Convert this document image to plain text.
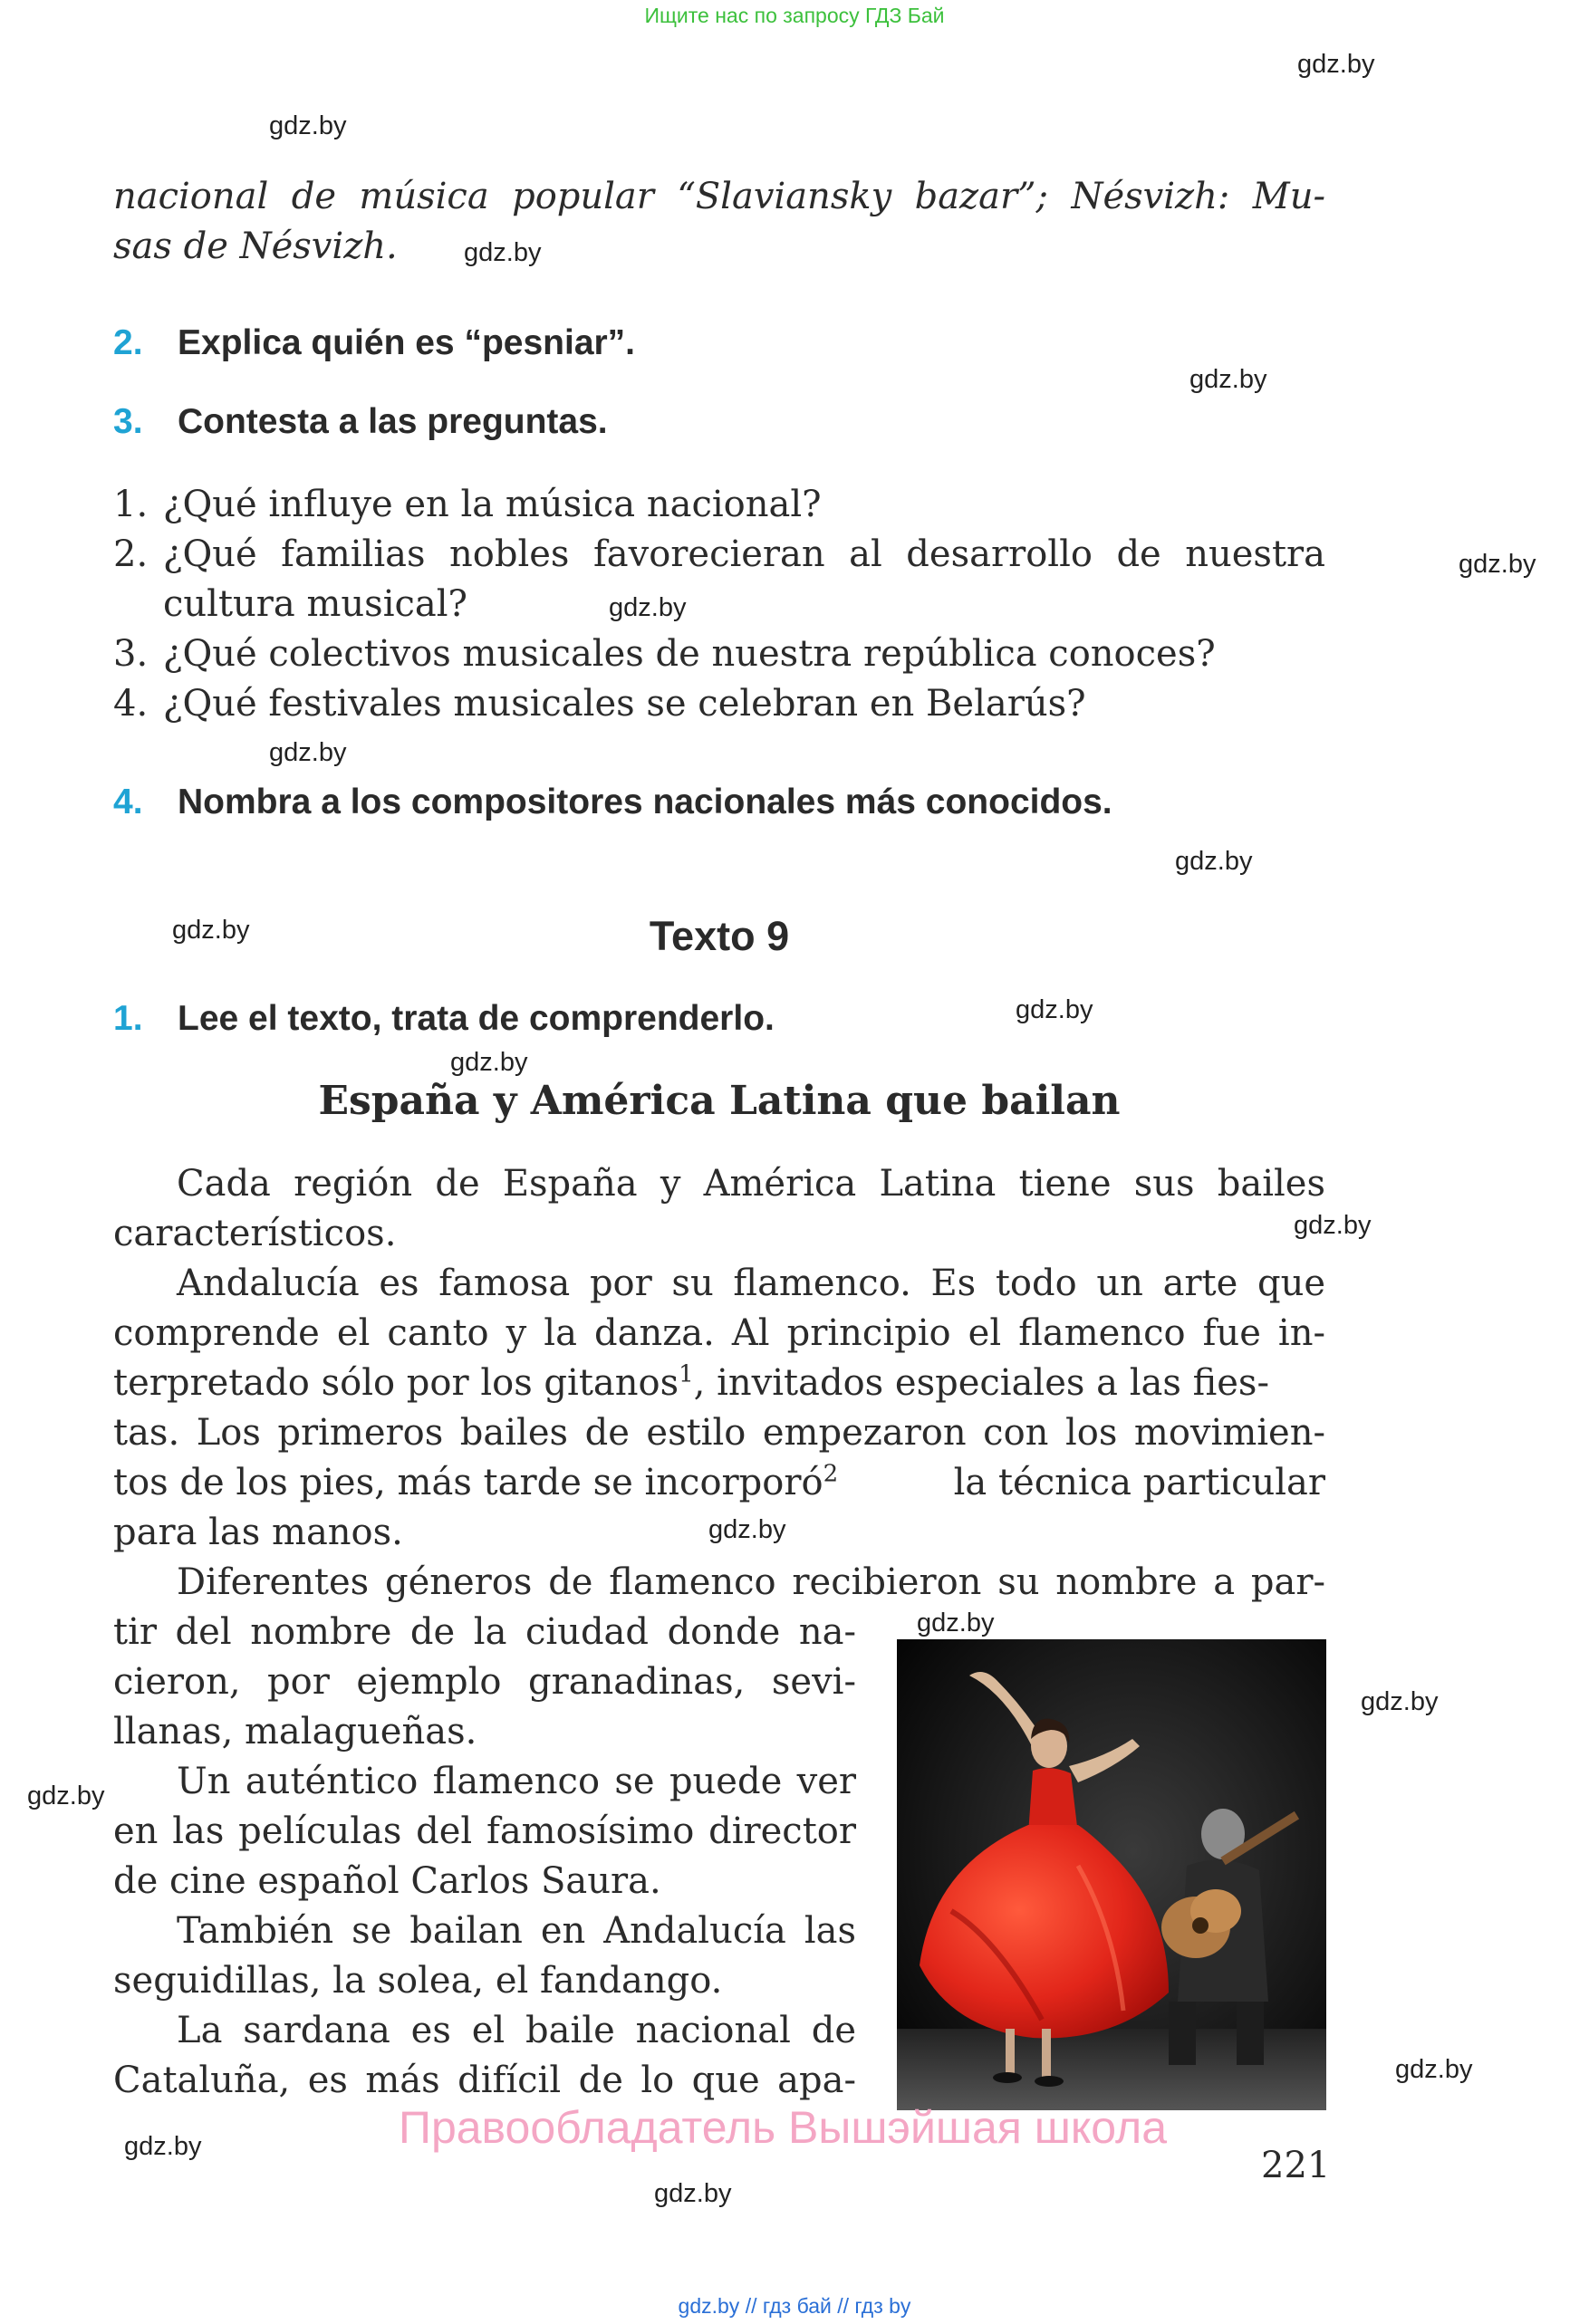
Ищите нас по запросу ГДЗ Бай
gdz.by
gdz.by
gdz.by
gdz.by
gdz.by
gdz.by
gdz.by
gdz.by
gdz.by
gdz.by
gdz.by
gdz.by
gdz.by
gdz.by
gdz.by
gdz.by
gdz.by
gdz.by
gdz.by
nacional de música popular “Slaviansky bazar”; Nésvizh: Mu-
sas de Nésvizh.
2. Explica quién es “pesniar”.
3. Contesta a las preguntas.
1. ¿Qué influye en la música nacional?
2. ¿Qué familias nobles favorecieran al desarrollo de nuestra
cultura musical?
3. ¿Qué colectivos musicales de nuestra república conoces?
4. ¿Qué festivales musicales se celebran en Belarús?
4. Nombra a los compositores nacionales más conocidos.
Texto 9
1. Lee el texto, trata de comprenderlo.
España y América Latina que bailan
Cada región de España y América Latina tiene sus bailes
característicos.
Andalucía es famosa por su flamenco. Es todo un arte que
comprende el canto y la danza. Al principio el flamenco fue in-
terpretado sólo por los gitanos$^1$, invitados especiales a las fies-
tas. Los primeros bailes de estilo empezaron con los movimien-
tos de los pies, más tarde se incorporó$^2$	la técnica particular
para las manos.
Diferentes géneros de flamenco recibieron su nombre a par-
tir del nombre de la ciudad donde na-
cieron, por ejemplo granadinas, sevi-
llanas, malagueñas.
Un auténtico flamenco se puede ver
en las películas del famosísimo director
de cine español Carlos Saura.
También se bailan en Andalucía las
seguidillas, la solea, el fandango.
La sardana es el baile nacional de
Cataluña, es más difícil de lo que apa-
Правообладатель Вышэйшая школа
221
gdz.by // гдз бай // гдз by
